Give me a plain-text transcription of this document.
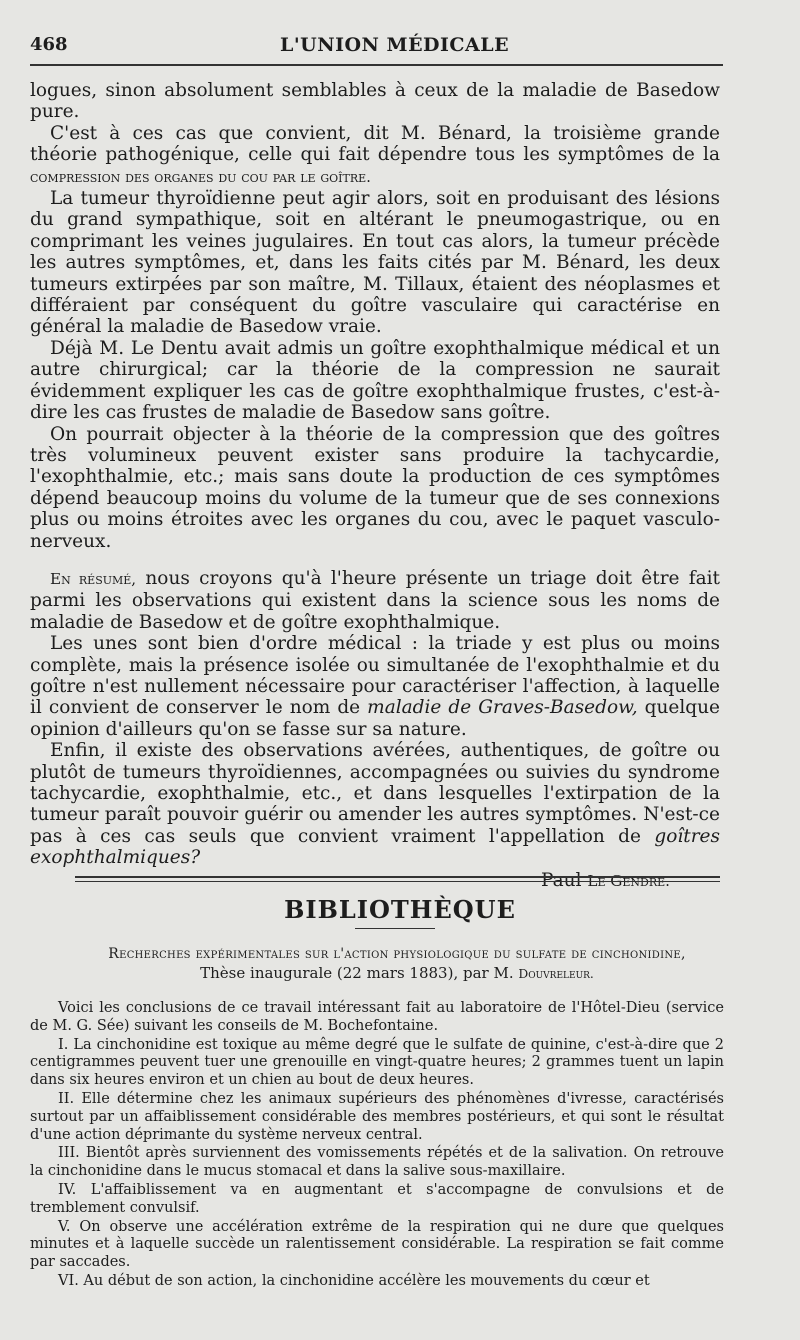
468	L'UNION MÉDICALE

logues, sinon absolument semblables à ceux de la maladie de Basedow pure.

C'est à ces cas que convient, dit M. Bénard, la troisième grande théorie pathogénique, celle qui fait dépendre tous les symptômes de la compression des organes du cou par le goître.

La tumeur thyroïdienne peut agir alors, soit en produisant des lésions du grand sympathique, soit en altérant le pneumogastrique, ou en comprimant les veines jugulaires. En tout cas alors, la tumeur précède les autres symptômes, et, dans les faits cités par M. Bénard, les deux tumeurs extirpées par son maître, M. Tillaux, étaient des néoplasmes et différaient par conséquent du goître vasculaire qui caractérise en général la maladie de Basedow vraie.

Déjà M. Le Dentu avait admis un goître exophthalmique médical et un autre chirurgical; car la théorie de la compression ne saurait évidemment expliquer les cas de goître exophthalmique frustes, c'est-à-dire les cas frustes de maladie de Basedow sans goître.

On pourrait objecter à la théorie de la compression que des goîtres très volumineux peuvent exister sans produire la tachycardie, l'exophthalmie, etc.; mais sans doute la production de ces symptômes dépend beaucoup moins du volume de la tumeur que de ses connexions plus ou moins étroites avec les organes du cou, avec le paquet vasculo-nerveux.

En résumé, nous croyons qu'à l'heure présente un triage doit être fait parmi les observations qui existent dans la science sous les noms de maladie de Basedow et de goître exophthalmique.

Les unes sont bien d'ordre médical : la triade y est plus ou moins complète, mais la présence isolée ou simultanée de l'exophthalmie et du goître n'est nullement nécessaire pour caractériser l'affection, à laquelle il convient de conserver le nom de maladie de Graves-Basedow, quelque opinion d'ailleurs qu'on se fasse sur sa nature.

Enfin, il existe des observations avérées, authentiques, de goître ou plutôt de tumeurs thyroïdiennes, accompagnées ou suivies du syndrome tachycardie, exophthalmie, etc., et dans lesquelles l'extirpation de la tumeur paraît pouvoir guérir ou amender les autres symptômes. N'est-ce pas à ces cas seuls que convient vraiment l'appellation de goîtres exophthalmiques?

Paul Le Gendre.
BIBLIOTHÈQUE
Recherches expérimentales sur l'action physiologique du sulfate de cinchonidine,
Thèse inaugurale (22 mars 1883), par M. Douvreleur.

Voici les conclusions de ce travail intéressant fait au laboratoire de l'Hôtel-Dieu (service de M. G. Sée) suivant les conseils de M. Bochefontaine.

I. La cinchonidine est toxique au même degré que le sulfate de quinine, c'est-à-dire que 2 centigrammes peuvent tuer une grenouille en vingt-quatre heures; 2 grammes tuent un lapin dans six heures environ et un chien au bout de deux heures.

II. Elle détermine chez les animaux supérieurs des phénomènes d'ivresse, caractérisés surtout par un affaiblissement considérable des membres postérieurs, et qui sont le résultat d'une action déprimante du système nerveux central.

III. Bientôt après surviennent des vomissements répétés et de la salivation. On retrouve la cinchonidine dans le mucus stomacal et dans la salive sous-maxillaire.

IV. L'affaiblissement va en augmentant et s'accompagne de convulsions et de tremblement convulsif.

V. On observe une accélération extrême de la respiration qui ne dure que quelques minutes et à laquelle succède un ralentissement considérable. La respiration se fait comme par saccades.

VI. Au début de son action, la cinchonidine accélère les mouvements du cœur et
